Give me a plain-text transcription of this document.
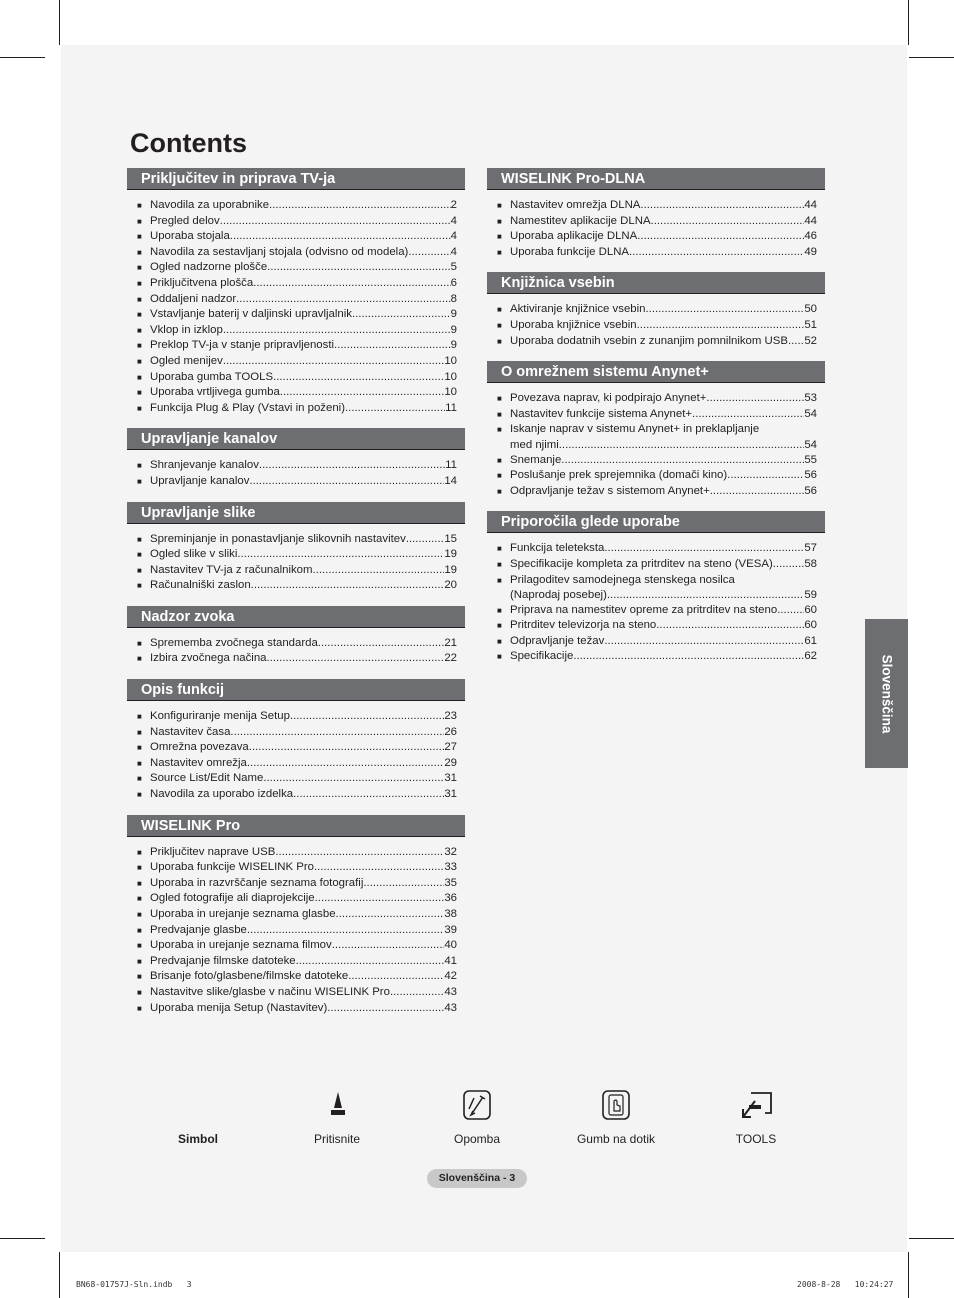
Contents
Priključitev in priprava TV-ja
■ Navodila za uporabnike .....	2
■ Pregled delov .....	4
■ Uporaba stojala .....	4
■ Navodila za sestavljanj stojala (odvisno od modela) .....	4
■ Ogled nadzorne plošče .....	5
■ Priključitvena plošča .....	6
■ Oddaljeni nadzor .....	8
■ Vstavljanje baterij v daljinski upravljalnik .....	9
■ Vklop in izklop .....	9
■ Preklop TV-ja v stanje pripravljenosti .....	9
■ Ogled menijev .....	10
■ Uporaba gumba TOOLS .....	10
■ Uporaba vrtljivega gumba .....	10
■ Funkcija Plug & Play (Vstavi in poženi) .....	11
Upravljanje kanalov
■ Shranjevanje kanalov .....	11
■ Upravljanje kanalov .....	14
Upravljanje slike
■ Spreminjanje in ponastavljanje slikovnih nastavitev .....	15
■ Ogled slike v sliki .....	19
■ Nastavitev TV-ja z računalnikom .....	19
■ Računalniški zaslon .....	20
Nadzor zvoka
■ Sprememba zvočnega standarda .....	21
■ Izbira zvočnega načina .....	22
Opis funkcij
■ Konfiguriranje menija Setup .....	23
■ Nastavitev časa .....	26
■ Omrežna povezava .....	27
■ Nastavitev omrežja .....	29
■ Source List/Edit Name .....	31
■ Navodila za uporabo izdelka .....	31
WISELINK Pro
■ Priključitev naprave USB .....	32
■ Uporaba funkcije WISELINK Pro .....	33
■ Uporaba in razvrščanje seznama fotografij .....	35
■ Ogled fotografije ali diaprojekcije .....	36
■ Uporaba in urejanje seznama glasbe .....	38
■ Predvajanje glasbe .....	39
■ Uporaba in urejanje seznama filmov .....	40
■ Predvajanje filmske datoteke .....	41
■ Brisanje foto/glasbene/filmske datoteke .....	42
■ Nastavitve slike/glasbe v načinu WISELINK Pro .....	43
■ Uporaba menija Setup (Nastavitev) .....	43
WISELINK Pro-DLNA
■ Nastavitev omrežja DLNA .....	44
■ Namestitev aplikacije DLNA .....	44
■ Uporaba aplikacije DLNA .....	46
■ Uporaba funkcije DLNA .....	49
Knjižnica vsebin
■ Aktiviranje knjižnice vsebin .....	50
■ Uporaba knjižnice vsebin .....	51
■ Uporaba dodatnih vsebin z zunanjim pomnilnikom USB ..... 52
O omrežnem sistemu Anynet+
■ Povezava naprav, ki podpirajo Anynet+ .....	53
■ Nastavitev funkcije sistema Anynet+ .....	54
■ Iskanje naprav v sistemu Anynet+ in preklapljanje
med njimi .....	54
■ Snemanje .....	55
■ Poslušanje prek sprejemnika (domači kino) .....	56
■ Odpravljanje težav s sistemom Anynet+ .....	56
Priporočila glede uporabe
■ Funkcija teleteksta .....	57
■ Specifikacije kompleta za pritrditev na steno (VESA) .....	58
■ Prilagoditev samodejnega stenskega nosilca
(Naprodaj posebej) .....	59
■ Priprava na namestitev opreme za pritrditev na steno ..... 60
■ Pritrditev televizorja na steno .....	60
■ Odpravljanje težav .....	61
■ Specifikacije .....	62	Slovenščina
Simbol	Pritisnite	Opomba	Gumb na dotik	TOOLS
Slovenščina - 3
BN68-01757J-Sln.indb   3	2008-8-28   10:24:27
